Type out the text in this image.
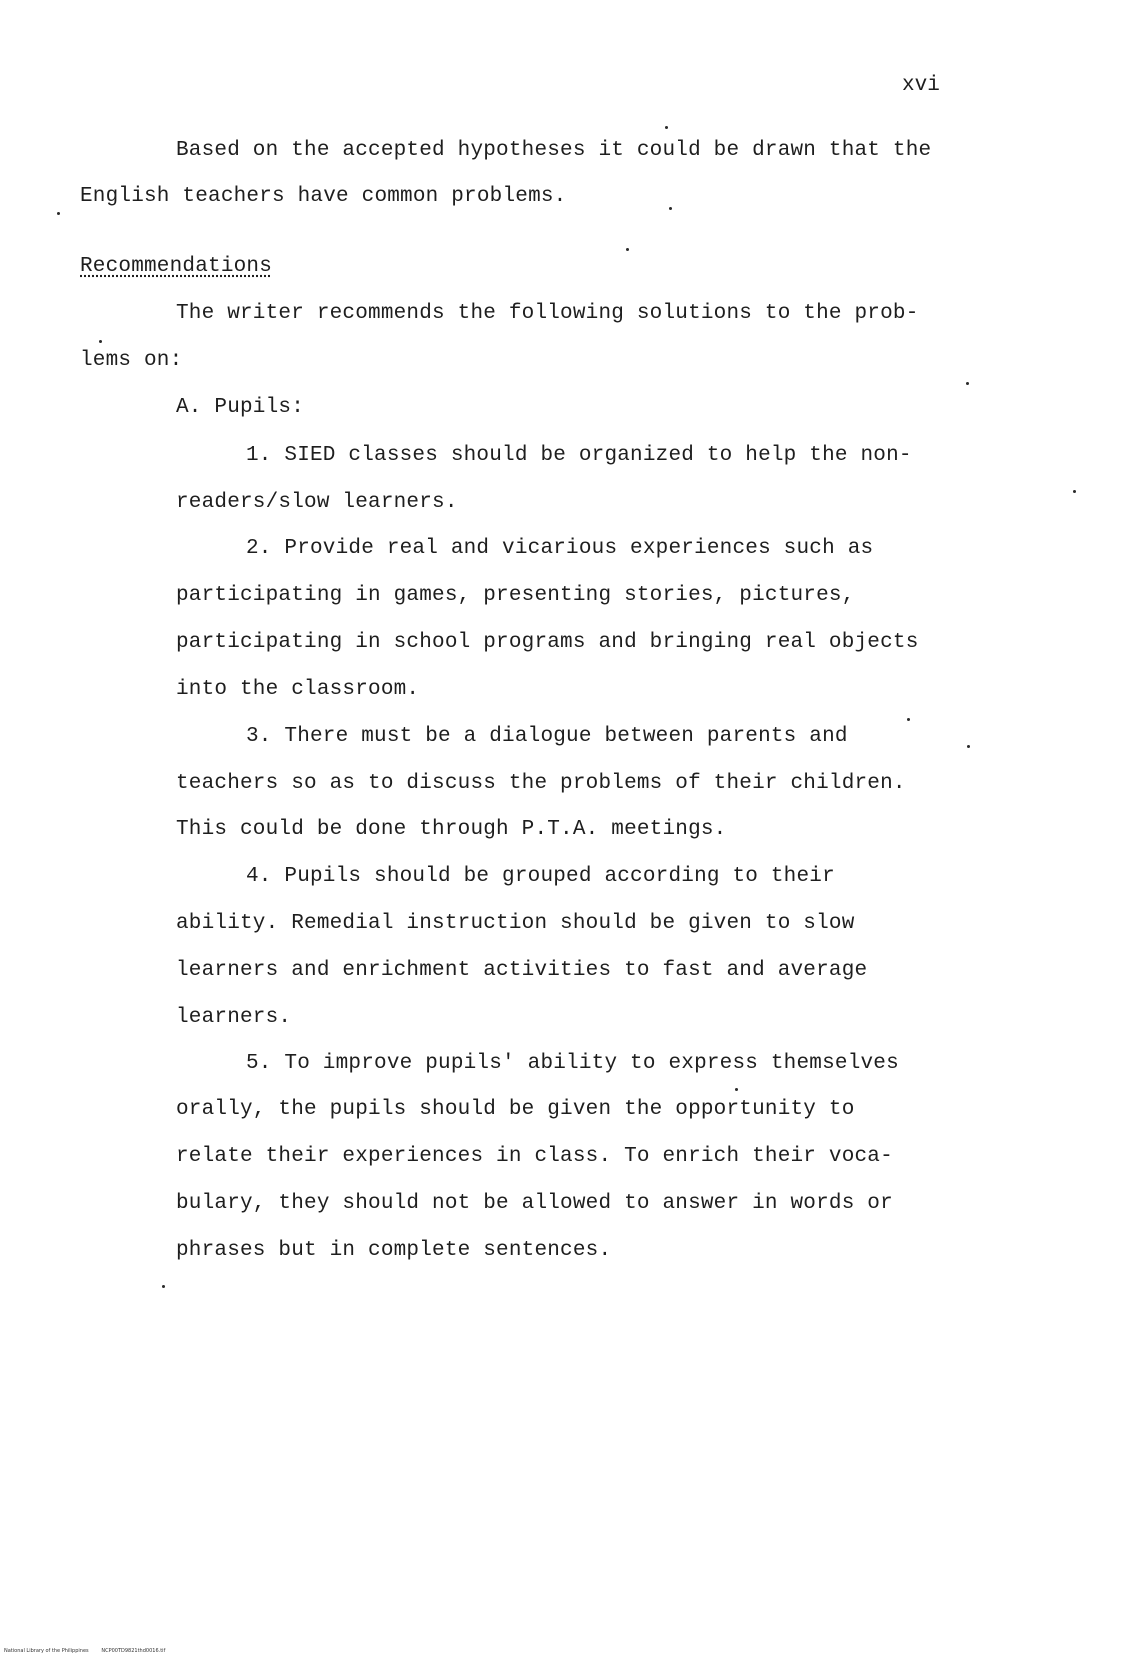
xvi
Based on the accepted hypotheses it could be drawn that the
English teachers have common problems.
Recommendations
The writer recommends the following solutions to the prob-
lems on:
A. Pupils:
1. SIED classes should be organized to help the non-
readers/slow learners.
2. Provide real and vicarious experiences such as
participating in games, presenting stories, pictures,
participating in school programs and bringing real objects
into the classroom.
3. There must be a dialogue between parents and
teachers so as to discuss the problems of their children.
This could be done through P.T.A. meetings.
4. Pupils should be grouped according to their
ability. Remedial instruction should be given to slow
learners and enrichment activities to fast and average
learners.
5. To improve pupils' ability to express themselves
orally, the pupils should be given the opportunity to
relate their experiences in class. To enrich their voca-
bulary, they should not be allowed to answer in words or
phrases but in complete sentences.
National Library of the Philippines	NCP00TD9821thd0016.tif
